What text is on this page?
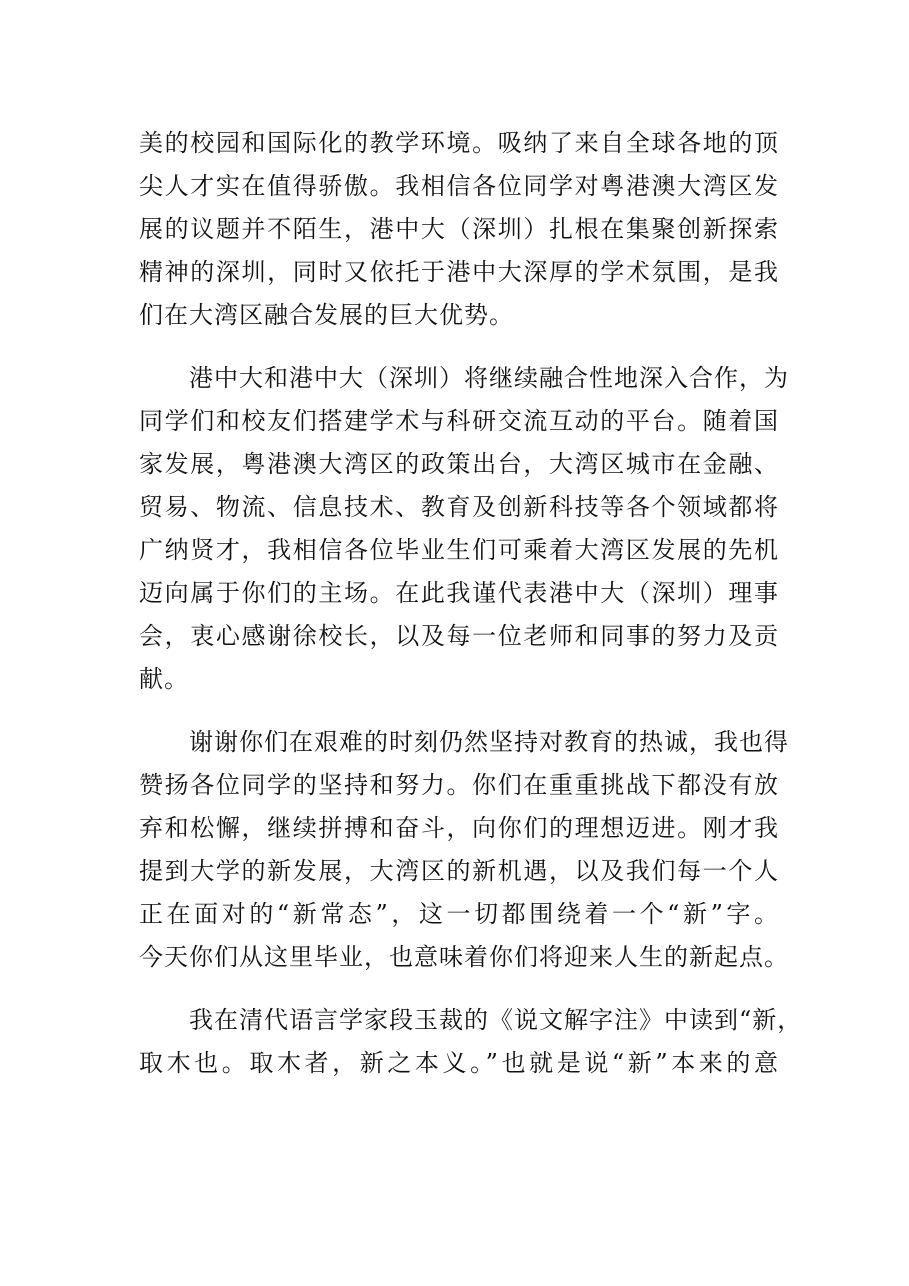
美的校园和国际化的教学环境。吸纳了来自全球各地的顶
尖人才实在值得骄傲。我相信各位同学对粤港澳大湾区发
展的议题并不陌生，港中大（深圳）扎根在集聚创新探索
精神的深圳，同时又依托于港中大深厚的学术氛围，是我
们在大湾区融合发展的巨大优势。
　　港中大和港中大（深圳）将继续融合性地深入合作，为
同学们和校友们搭建学术与科研交流互动的平台。随着国
家发展，粤港澳大湾区的政策出台，大湾区城市在金融、
贸易、物流、信息技术、教育及创新科技等各个领域都将
广纳贤才，我相信各位毕业生们可乘着大湾区发展的先机
迈向属于你们的主场。在此我谨代表港中大（深圳）理事
会，衷心感谢徐校长，以及每一位老师和同事的努力及贡
献。
　　谢谢你们在艰难的时刻仍然坚持对教育的热诚，我也得
赞扬各位同学的坚持和努力。你们在重重挑战下都没有放
弃和松懈，继续拼搏和奋斗，向你们的理想迈进。刚才我
提到大学的新发展，大湾区的新机遇，以及我们每一个人
正在面对的“新常态”，这一切都围绕着一个“新”字。
今天你们从这里毕业，也意味着你们将迎来人生的新起点。
　　我在清代语言学家段玉裁的《说文解字注》中读到“新，
取木也。取木者，新之本义。”也就是说“新”本来的意
